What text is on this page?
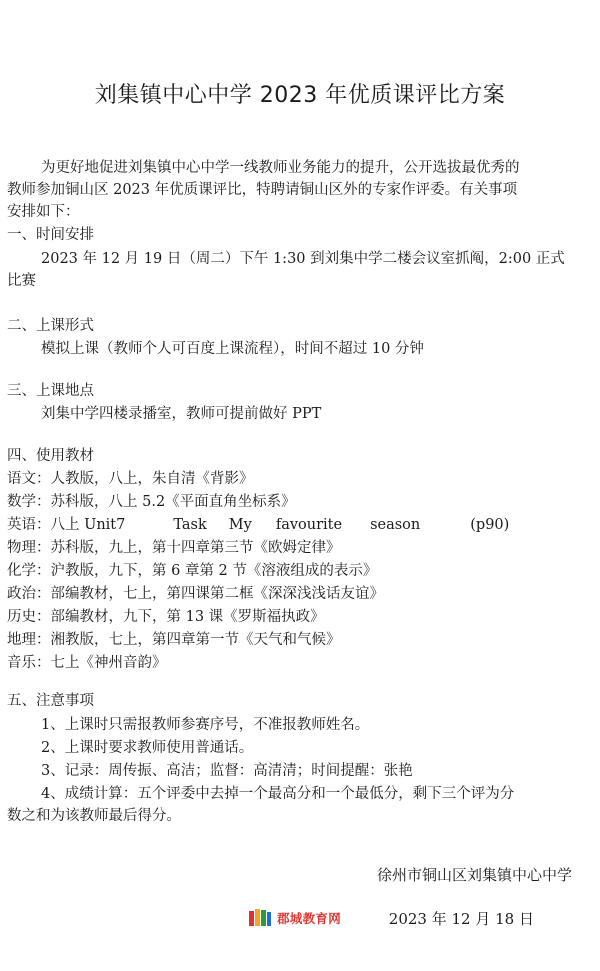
刘集镇中心中学 2023 年优质课评比方案
为更好地促进刘集镇中心中学一线教师业务能力的提升，公开选拔最优秀的
教师参加铜山区 2023 年优质课评比，特聘请铜山区外的专家作评委。有关事项
安排如下：
一、时间安排
2023 年 12 月 19 日（周二）下午 1:30 到刘集中学二楼会议室抓阄，2:00 正式
比赛
二、上课形式
模拟上课（教师个人可百度上课流程），时间不超过 10 分钟
三、上课地点
刘集中学四楼录播室，教师可提前做好 PPT
四、使用教材
语文：人教版，八上，朱自清《背影》
数学：苏科版，八上 5.2《平面直角坐标系》
英语：八上 Unit7	Task My favourite season	(p90)
物理：苏科版，九上，第十四章第三节《欧姆定律》
化学：沪教版，九下，第 6 章第 2 节《溶液组成的表示》
政治：部编教材，七上，第四课第二框《深深浅浅话友谊》
历史：部编教材，九下，第 13 课《罗斯福执政》
地理：湘教版，七上，第四章第一节《天气和气候》
音乐：七上《神州音韵》
五、注意事项
1、上课时只需报教师参赛序号，不准报教师姓名。
2、上课时要求教师使用普通话。
3、记录：周传振、高洁；监督：高清清；时间提醒：张艳
4、成绩计算：五个评委中去掉一个最高分和一个最低分，剩下三个评为分
数之和为该教师最后得分。
徐州市铜山区刘集镇中心中学
郡城教育网	2023 年 12 月 18 日
